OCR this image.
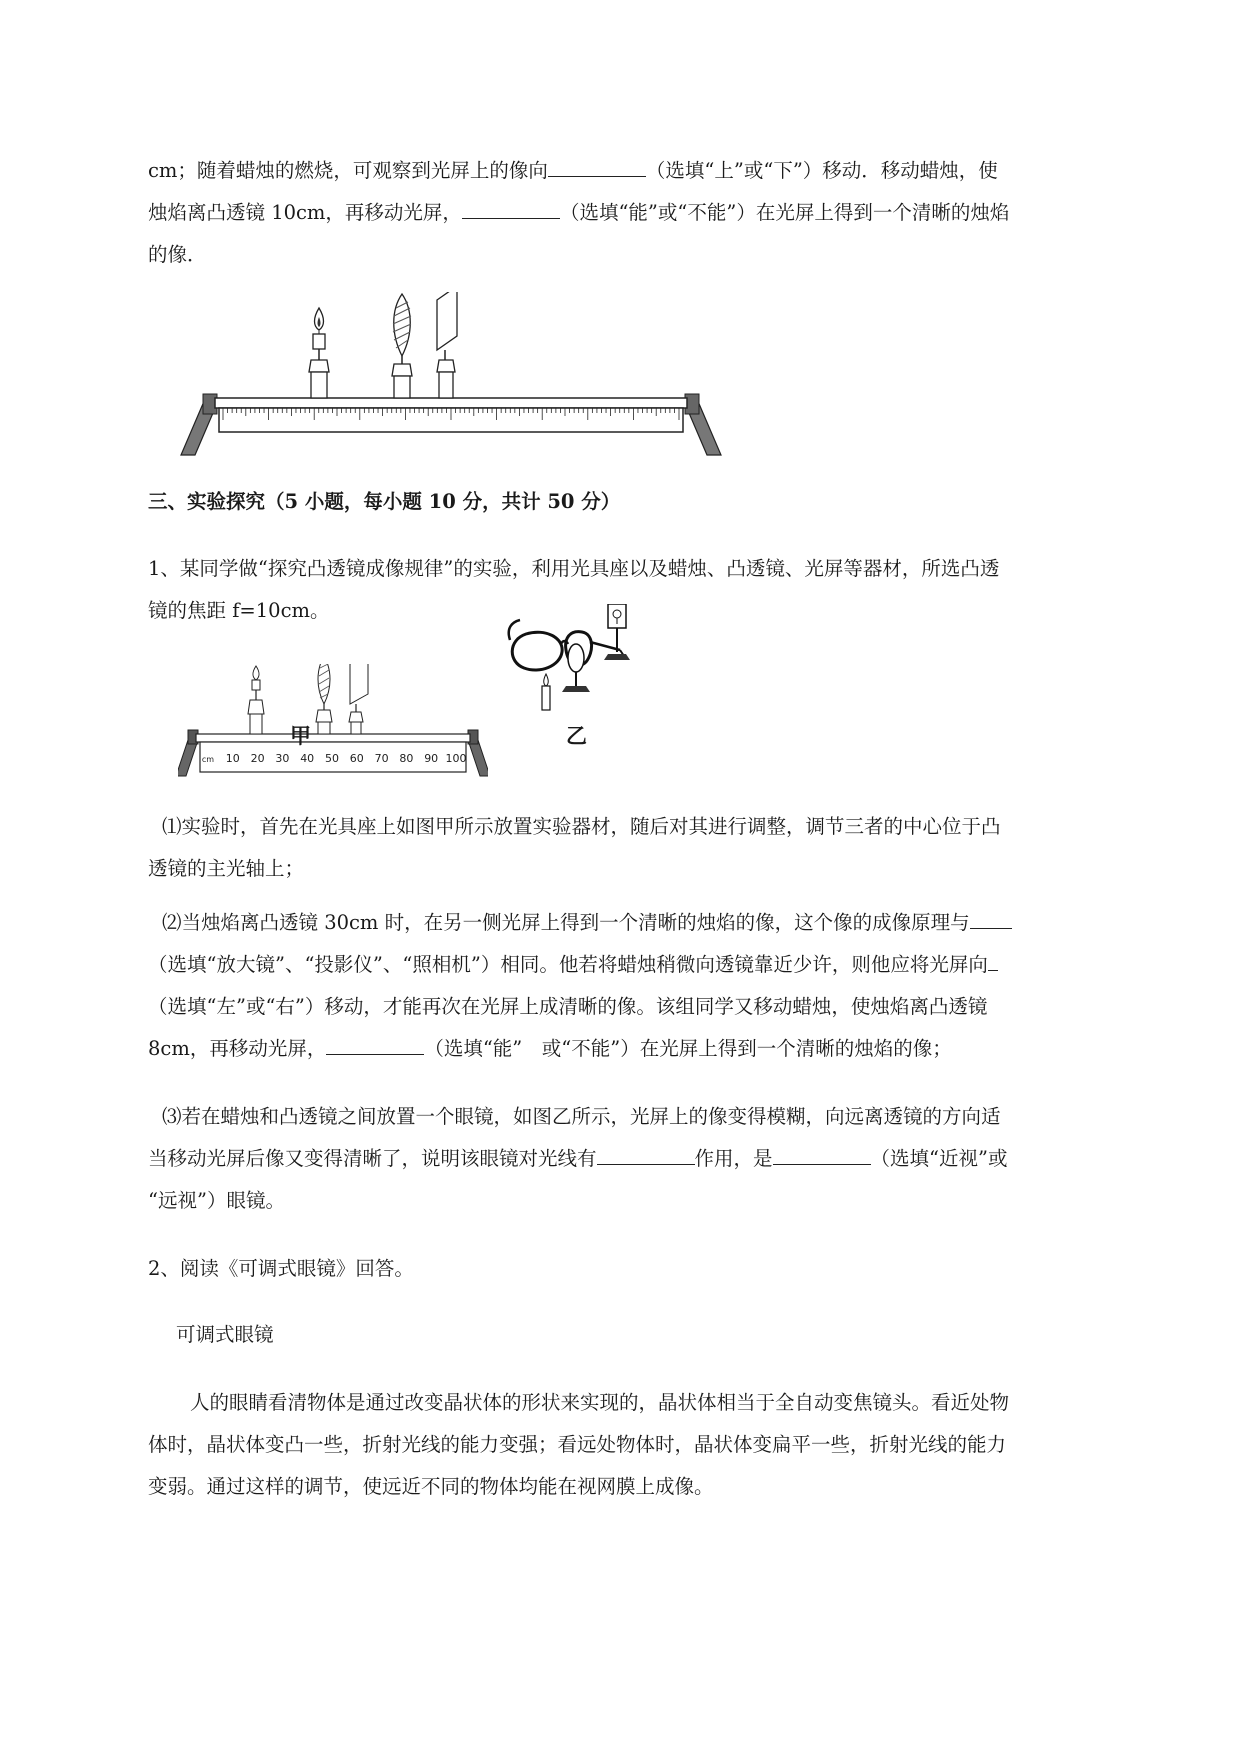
cm；随着蜡烛的燃烧，可观察到光屏上的像向	（选填“上”或“下”）移动．移动蜡烛，使

烛焰离凸透镜 10cm，再移动光屏，	（选填“能”或“不能”）在光屏上得到一个清晰的烛焰

的像．

三、实验探究（5 小题，每小题 10 分，共计 50 分）

1、某同学做“探究凸透镜成像规律”的实验，利用光具座以及蜡烛、凸透镜、光屏等器材，所选凸透

镜的焦距 f=10cm。

cm 10 20 30 40 50 60 70 80 90 100
甲	乙

⑴实验时，首先在光具座上如图甲所示放置实验器材，随后对其进行调整，调节三者的中心位于凸

透镜的主光轴上；

⑵当烛焰离凸透镜 30cm 时，在另一侧光屏上得到一个清晰的烛焰的像，这个像的成像原理与

（选填“放大镜”、“投影仪”、“照相机”）相同。他若将蜡烛稍微向透镜靠近少许，则他应将光屏向

（选填“左”或“右”）移动，才能再次在光屏上成清晰的像。该组同学又移动蜡烛，使烛焰离凸透镜

8cm，再移动光屏，	（选填“能”　或“不能”）在光屏上得到一个清晰的烛焰的像；

⑶若在蜡烛和凸透镜之间放置一个眼镜，如图乙所示，光屏上的像变得模糊，向远离透镜的方向适

当移动光屏后像又变得清晰了，说明该眼镜对光线有	作用，是	（选填“近视”或

“远视”）眼镜。

2、阅读《可调式眼镜》回答。

可调式眼镜

人的眼睛看清物体是通过改变晶状体的形状来实现的，晶状体相当于全自动变焦镜头。看近处物

体时，晶状体变凸一些，折射光线的能力变强；看远处物体时，晶状体变扁平一些，折射光线的能力

变弱。通过这样的调节，使远近不同的物体均能在视网膜上成像。
